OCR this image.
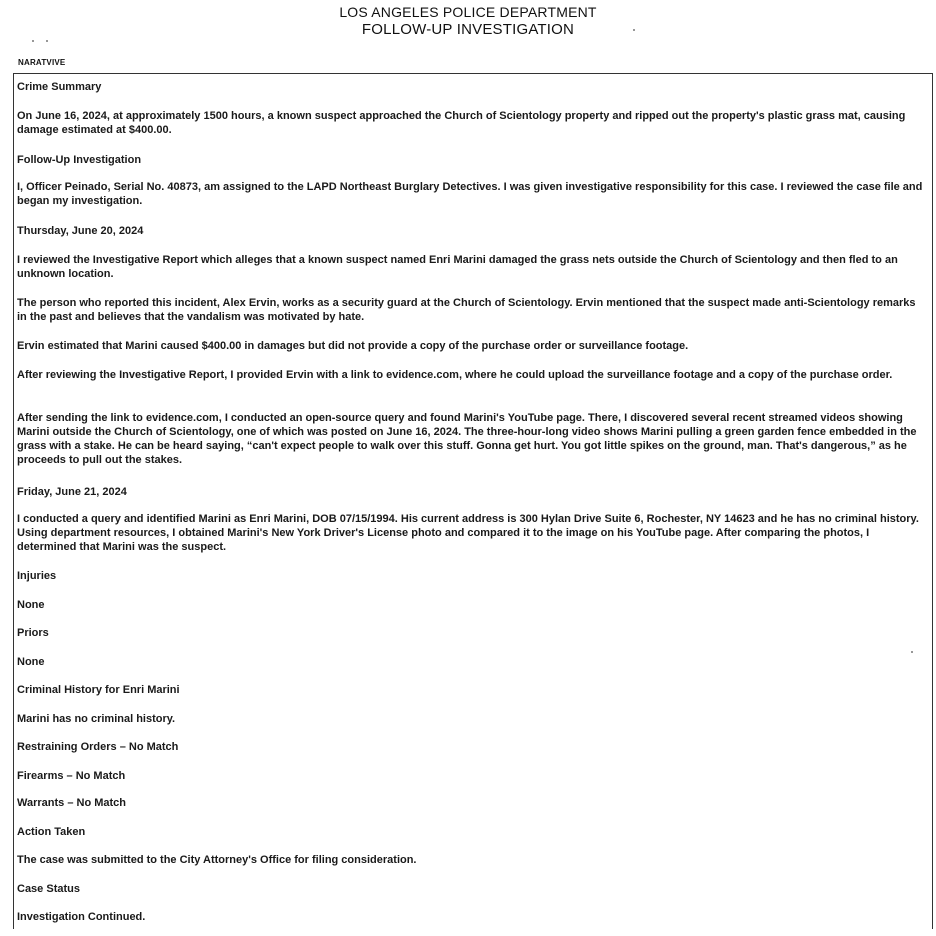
LOS ANGELES POLICE DEPARTMENT
FOLLOW-UP INVESTIGATION
NARATVIVE
Crime Summary
On June 16, 2024, at approximately 1500 hours, a known suspect approached the Church of Scientology property and ripped out the property's plastic grass mat, causing damage estimated at $400.00.
Follow-Up Investigation
I, Officer Peinado, Serial No. 40873, am assigned to the LAPD Northeast Burglary Detectives. I was given investigative responsibility for this case. I reviewed the case file and began my investigation.
Thursday, June 20, 2024
I reviewed the Investigative Report which alleges that a known suspect named Enri Marini damaged the grass nets outside the Church of Scientology and then fled to an unknown location.
The person who reported this incident, Alex Ervin, works as a security guard at the Church of Scientology. Ervin mentioned that the suspect made anti-Scientology remarks in the past and believes that the vandalism was motivated by hate.
Ervin estimated that Marini caused $400.00 in damages but did not provide a copy of the purchase order or surveillance footage.
After reviewing the Investigative Report, I provided Ervin with a link to evidence.com, where he could upload the surveillance footage and a copy of the purchase order.
After sending the link to evidence.com, I conducted an open-source query and found Marini's YouTube page. There, I discovered several recent streamed videos showing Marini outside the Church of Scientology, one of which was posted on June 16, 2024. The three-hour-long video shows Marini pulling a green garden fence embedded in the grass with a stake. He can be heard saying, “can't expect people to walk over this stuff. Gonna get hurt. You got little spikes on the ground, man. That's dangerous,” as he proceeds to pull out the stakes.
Friday, June 21, 2024
I conducted a query and identified Marini as Enri Marini, DOB 07/15/1994. His current address is 300 Hylan Drive Suite 6, Rochester, NY 14623 and he has no criminal history. Using department resources, I obtained Marini's New York Driver's License photo and compared it to the image on his YouTube page. After comparing the photos, I determined that Marini was the suspect.
Injuries
None
Priors
None
Criminal History for Enri Marini
Marini has no criminal history.
Restraining Orders – No Match
Firearms – No Match
Warrants – No Match
Action Taken
The case was submitted to the City Attorney's Office for filing consideration.
Case Status
Investigation Continued.
